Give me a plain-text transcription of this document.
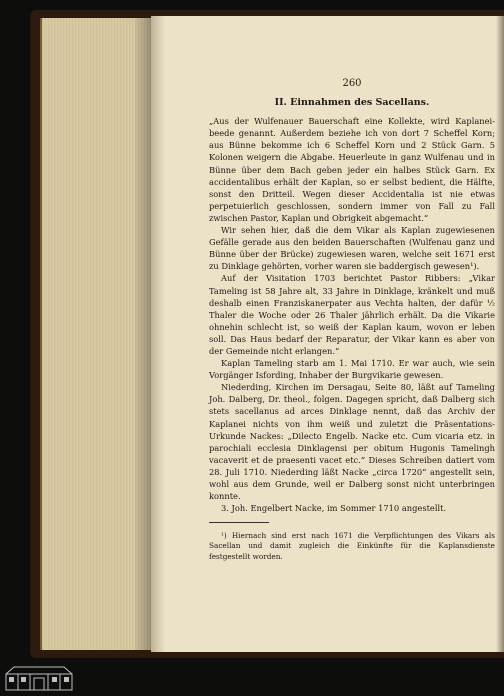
260
II. Einnahmen des Sacellans.

„Aus der Wulfenauer Bauerschaft eine Kollekte, wird Kaplanei-beede genannt. Außerdem beziehe ich von dort 7 Scheffel Korn; aus Bünne bekomme ich 6 Scheffel Korn und 2 Stück Garn. 5 Kolonen weigern die Abgabe. Heuerleute in ganz Wulfenau und in Bünne über dem Bach geben jeder ein halbes Stück Garn. Ex accidentalibus erhält der Kaplan, so er selbst bedient, die Hälfte, sonst den Dritteil. Wegen dieser Accidentalia ist nie etwas perpetuierlich geschlossen, sondern immer von Fall zu Fall zwischen Pastor, Kaplan und Obrigkeit abgemacht.“

Wir sehen hier, daß die dem Vikar als Kaplan zugewiesenen Gefälle gerade aus den beiden Bauerschaften (Wulfenau ganz und Bünne über der Brücke) zugewiesen waren, welche seit 1671 erst zu Dinklage gehörten, vorher waren sie baddergisch gewesen¹).

Auf der Visitation 1703 berichtet Pastor Ribbers: „Vikar Tameling ist 58 Jahre alt, 33 Jahre in Dinklage, kränkelt und muß deshalb einen Franziskanerpater aus Vechta halten, der dafür ½ Thaler die Woche oder 26 Thaler jährlich erhält. Da die Vikarie ohnehin schlecht ist, so weiß der Kaplan kaum, wovon er leben soll. Das Haus bedarf der Reparatur, der Vikar kann es aber von der Gemeinde nicht erlangen.“

Kaplan Tameling starb am 1. Mai 1710. Er war auch, wie sein Vorgänger Isfording, Inhaber der Burgvikarie gewesen.

Niederding, Kirchen im Dersagau, Seite 80, läßt auf Tameling Joh. Dalberg, Dr. theol., folgen. Dagegen spricht, daß Dalberg sich stets sacellanus ad arces Dinklage nennt, daß das Archiv der Kaplanei nichts von ihm weiß und zuletzt die Präsentations-Urkunde Nackes: „Dilecto Engelb. Nacke etc. Cum vicaria etz. in parochiali ecclesia Dinklagensi per obitum Hugonis Tamelingh vacaverit et de praesenti vacet etc.“ Dieses Schreiben datiert vom 28. Juli 1710. Niederding läßt Nacke „circa 1720“ angestellt sein, wohl aus dem Grunde, weil er Dalberg sonst nicht unterbringen konnte.

3. Joh. Engelbert Nacke, im Sommer 1710 angestellt.

¹) Hiernach sind erst nach 1671 die Verpflichtungen des Vikars als Sacellan und damit zugleich die Einkünfte für die Kaplansdienste festgestellt worden.
